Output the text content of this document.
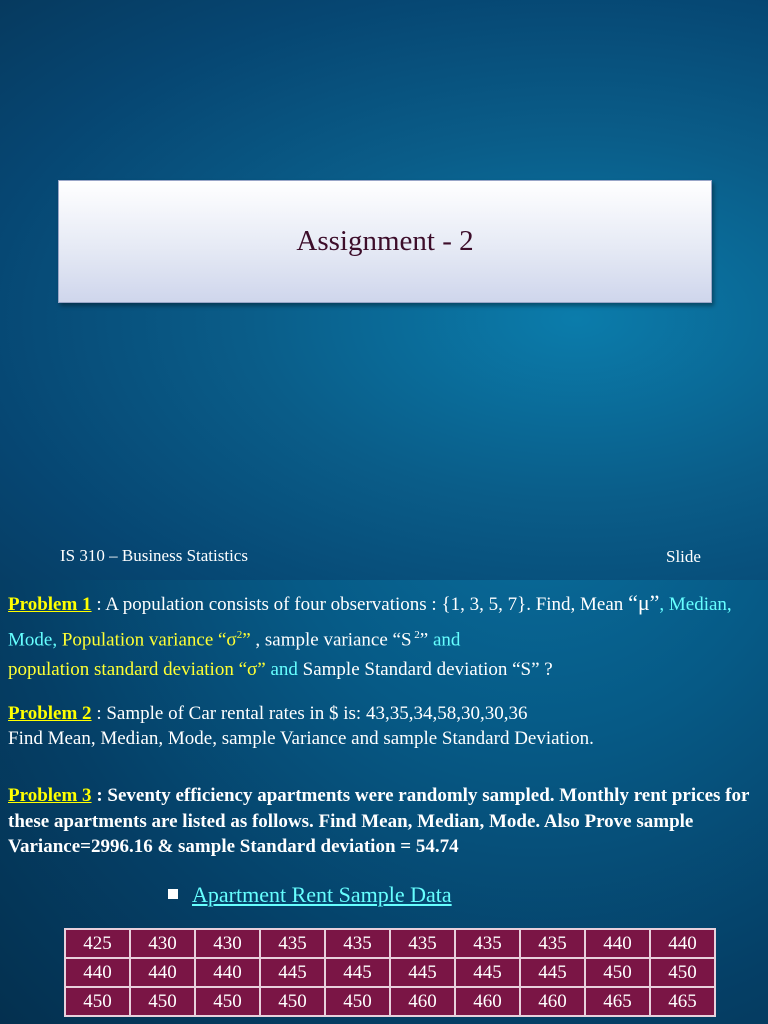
Assignment - 2
IS 310 – Business Statistics	Slide
Problem 1 : A population consists of four observations : {1, 3, 5, 7}. Find, Mean “μ”, Median, Mode, Population variance “$\sigma^2$” , sample variance “S $^2$” and
population standard deviation “σ” and Sample Standard deviation “S” ?
Problem 2 : Sample of Car rental rates in $ is: 43,35,34,58,30,30,36
Find Mean, Median, Mode, sample Variance and sample Standard Deviation.
Problem 3 : Seventy efficiency apartments were randomly sampled. Monthly rent prices for these apartments are listed as follows. Find Mean, Median, Mode. Also Prove sample Variance=2996.16 & sample Standard deviation = 54.74
Apartment Rent Sample Data
425	430	430	435	435	435	435	435	440	440
440	440	440	445	445	445	445	445	450	450
450	450	450	450	450	460	460	460	465	465
